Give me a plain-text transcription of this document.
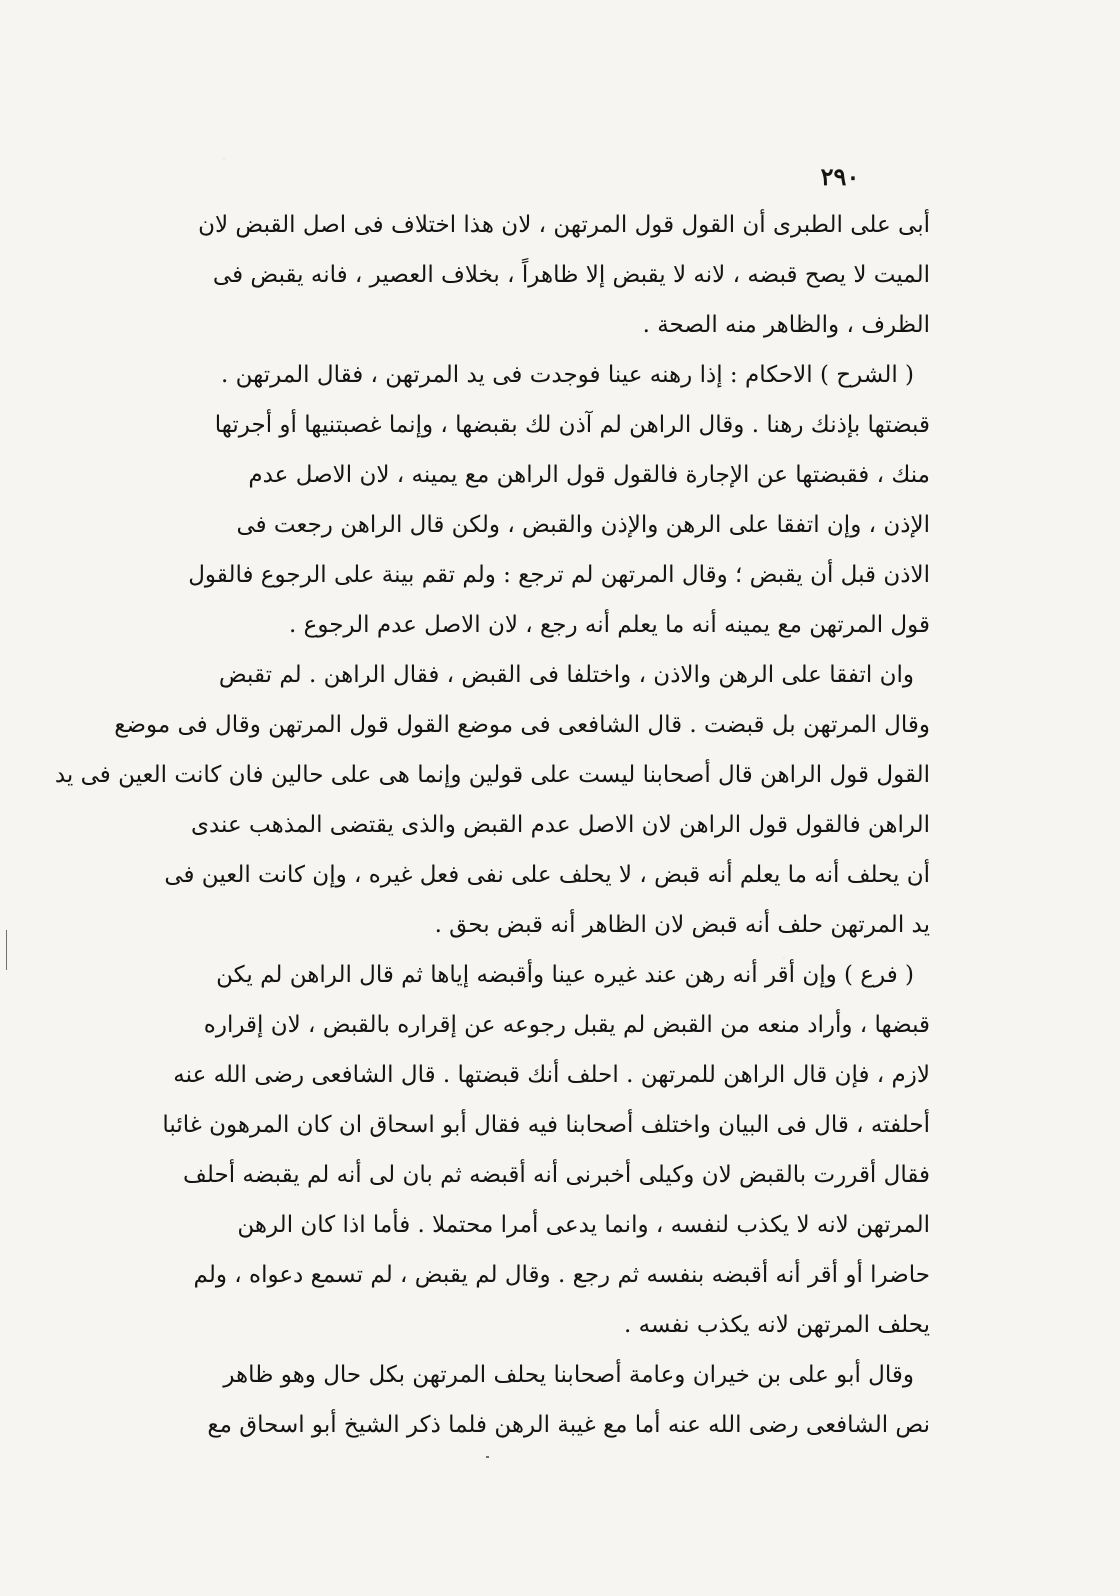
٢٩٠
أبى على الطبرى أن القول قول المرتهن ، لان هذا اختلاف فى اصل القبض لان
الميت لا يصح قبضه ، لانه لا يقبض إلا ظاهراً ، بخلاف العصير ، فانه يقبض فى
الظرف ، والظاهر منه الصحة .
( الشرح ) الاحكام : إذا رهنه عينا فوجدت فى يد المرتهن ، فقال المرتهن .
قبضتها بإذنك رهنا . وقال الراهن لم آذن لك بقبضها ، وإنما غصبتنيها أو أجرتها
منك ، فقبضتها عن الإجارة فالقول قول الراهن مع يمينه ، لان الاصل عدم
الإذن ، وإن اتفقا على الرهن والإذن والقبض ، ولكن قال الراهن رجعت فى
الاذن قبل أن يقبض ؛ وقال المرتهن لم ترجع : ولم تقم بينة على الرجوع فالقول
قول المرتهن مع يمينه أنه ما يعلم أنه رجع ، لان الاصل عدم الرجوع .
وان اتفقا على الرهن والاذن ، واختلفا فى القبض ، فقال الراهن . لم تقبض
وقال المرتهن بل قبضت . قال الشافعى فى موضع القول قول المرتهن وقال فى موضع
القول قول الراهن قال أصحابنا ليست على قولين وإنما هى على حالين فان كانت العين فى يد
الراهن فالقول قول الراهن لان الاصل عدم القبض والذى يقتضى المذهب عندى
أن يحلف أنه ما يعلم أنه قبض ، لا يحلف على نفى فعل غيره ، وإن كانت العين فى
يد المرتهن حلف أنه قبض لان الظاهر أنه قبض بحق .
( فرع ) وإن أقر أنه رهن عند غيره عينا وأقبضه إياها ثم قال الراهن لم يكن
قبضها ، وأراد منعه من القبض لم يقبل رجوعه عن إقراره بالقبض ، لان إقراره
لازم ، فإن قال الراهن للمرتهن . احلف أنك قبضتها . قال الشافعى رضى الله عنه
أحلفته ، قال فى البيان واختلف أصحابنا فيه فقال أبو اسحاق ان كان المرهون غائبا
فقال أقررت بالقبض لان وكيلى أخبرنى أنه أقبضه ثم بان لى أنه لم يقبضه أحلف
المرتهن لانه لا يكذب لنفسه ، وانما يدعى أمرا محتملا . فأما اذا كان الرهن
حاضرا أو أقر أنه أقبضه بنفسه ثم رجع . وقال لم يقبض ، لم تسمع دعواه ، ولم
يحلف المرتهن لانه يكذب نفسه .
وقال أبو على بن خيران وعامة أصحابنا يحلف المرتهن بكل حال وهو ظاهر
نص الشافعى رضى الله عنه أما مع غيبة الرهن فلما ذكر الشيخ أبو اسحاق مع
